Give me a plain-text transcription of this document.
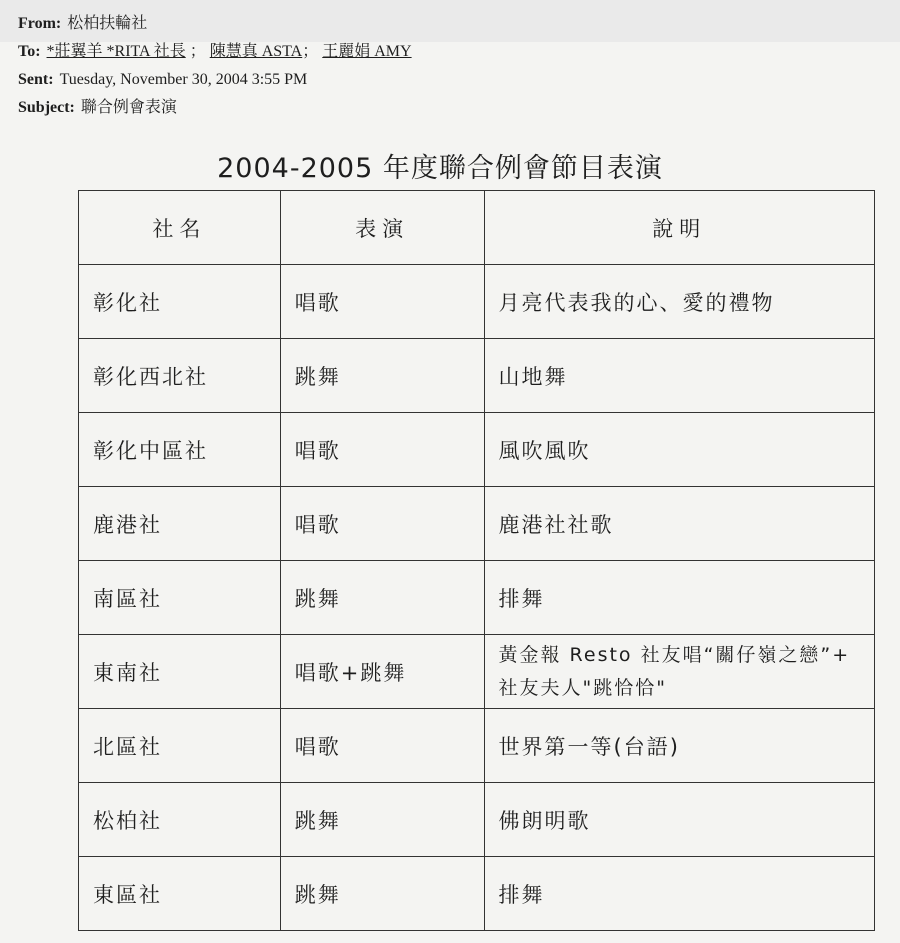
From: 松柏扶輪社
To: *莊翼羊 *RITA 社長 ； 陳慧真 ASTA； 王麗娟 AMY
Sent: Tuesday, November 30, 2004 3:55 PM
Subject: 聯合例會表演
2004-2005 年度聯合例會節目表演
社名	表演	說明
彰化社	唱歌	月亮代表我的心、愛的禮物
彰化西北社	跳舞	山地舞
彰化中區社	唱歌	風吹風吹
鹿港社	唱歌	鹿港社社歌
南區社	跳舞	排舞
東南社	唱歌+跳舞	黃金報 Resto 社友唱“關仔嶺之戀”+ 社友夫人"跳恰恰"
北區社	唱歌	世界第一等(台語)
松柏社	跳舞	佛朗明歌
東區社	跳舞	排舞
